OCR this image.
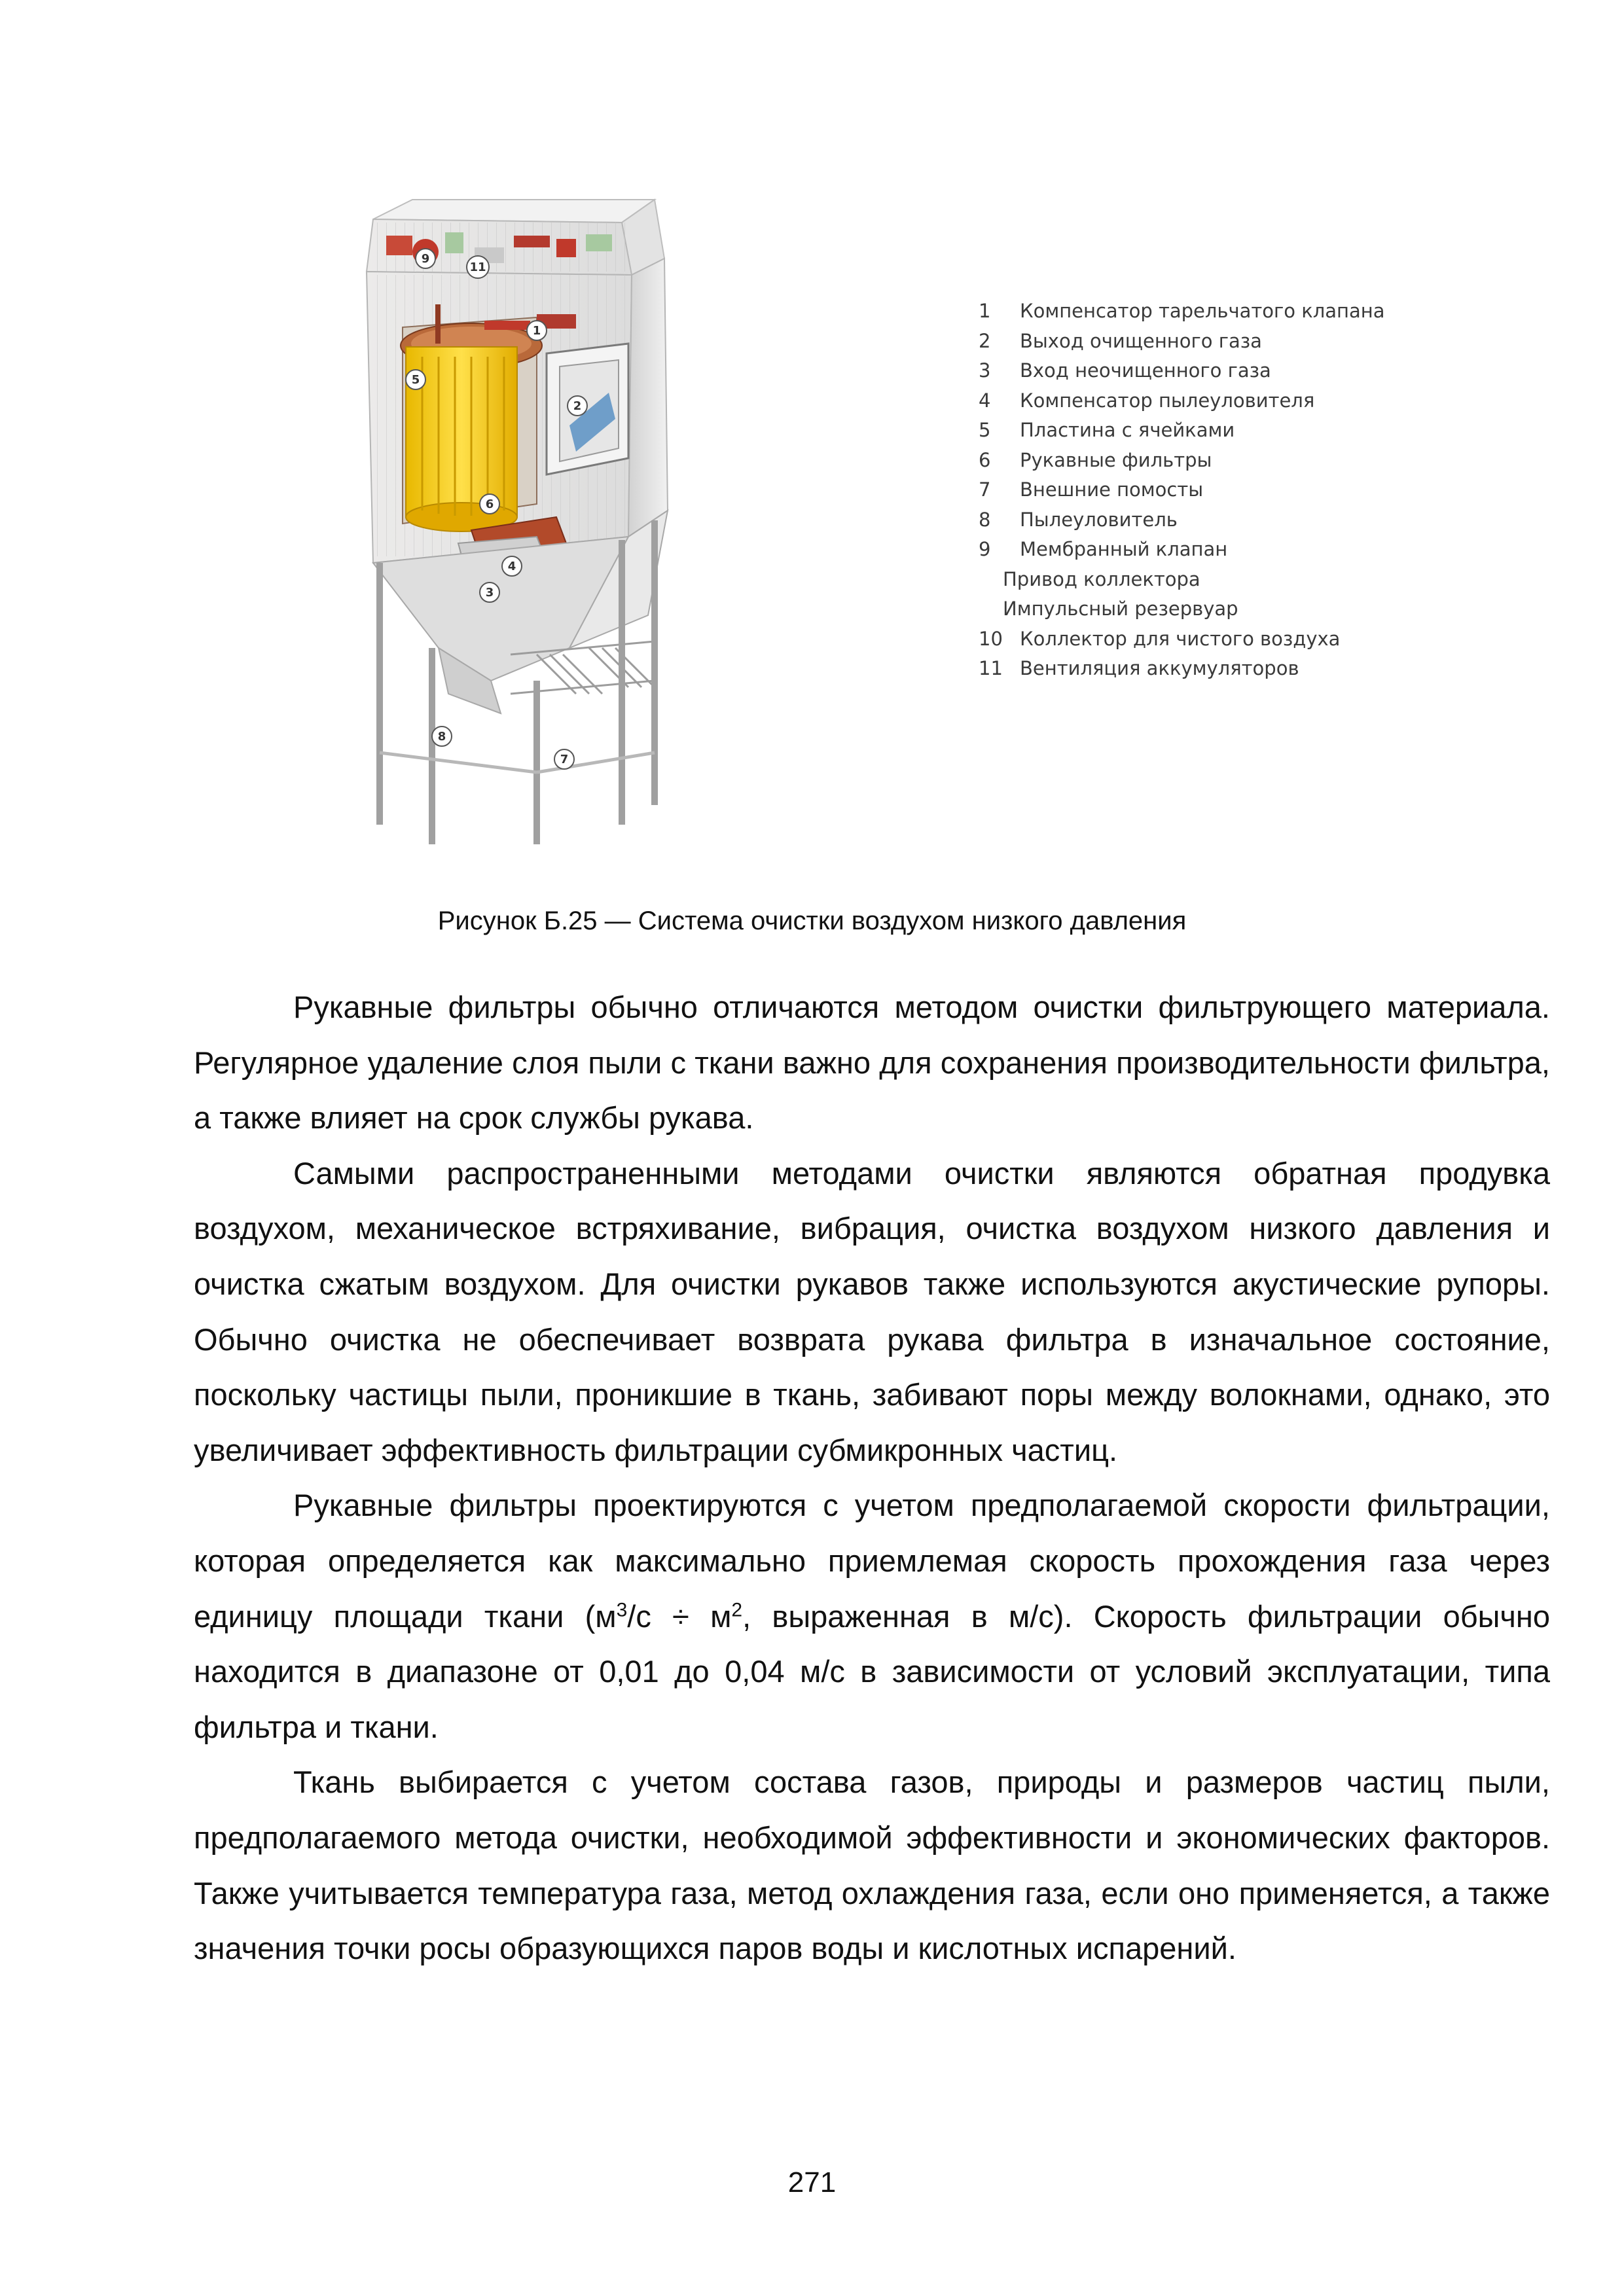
1
2
3
4
5
6
7
8
9
11
1	Компенсатор тарельчатого клапана
2	Выход очищенного газа
3	Вход неочищенного газа
4	Компенсатор пылеуловителя
5	Пластина с ячейками
6	Рукавные фильтры
7	Внешние помосты
8	Пылеуловитель
9	Мембранный клапан
Привод коллектора
Импульсный резервуар
10 Коллектор для чистого воздуха
11 Вентиляция аккумуляторов
Рисунок Б.25 — Система очистки воздухом низкого давления

Рукавные фильтры обычно отличаются методом очистки фильтрующего материала. Регулярное удаление слоя пыли с ткани важно для сохранения производительности фильтра, а также влияет на срок службы рукава.

Самыми распространенными методами очистки являются обратная продувка воздухом, механическое встряхивание, вибрация, очистка воздухом низкого давления и очистка сжатым воздухом. Для очистки рукавов также используются акустические рупоры. Обычно очистка не обеспечивает возврата рукава фильтра в изначальное состояние, поскольку частицы пыли, проникшие в ткань, забивают поры между волокнами, однако, это увеличивает эффективность фильтрации субмикронных частиц.

Рукавные фильтры проектируются с учетом предполагаемой скорости фильтрации, которая определяется как максимально приемлемая скорость прохождения газа через единицу площади ткани ($м^3/с \div м^2$, выраженная в м/с). Скорость фильтрации обычно находится в диапазоне от 0,01 до 0,04 м/с в зависимости от условий эксплуатации, типа фильтра и ткани.

Ткань выбирается с учетом состава газов, природы и размеров частиц пыли, предполагаемого метода очистки, необходимой эффективности и экономических факторов. Также учитывается температура газа, метод охлаждения газа, если оно применяется, а также значения точки росы образующихся паров воды и кислотных испарений.

271
